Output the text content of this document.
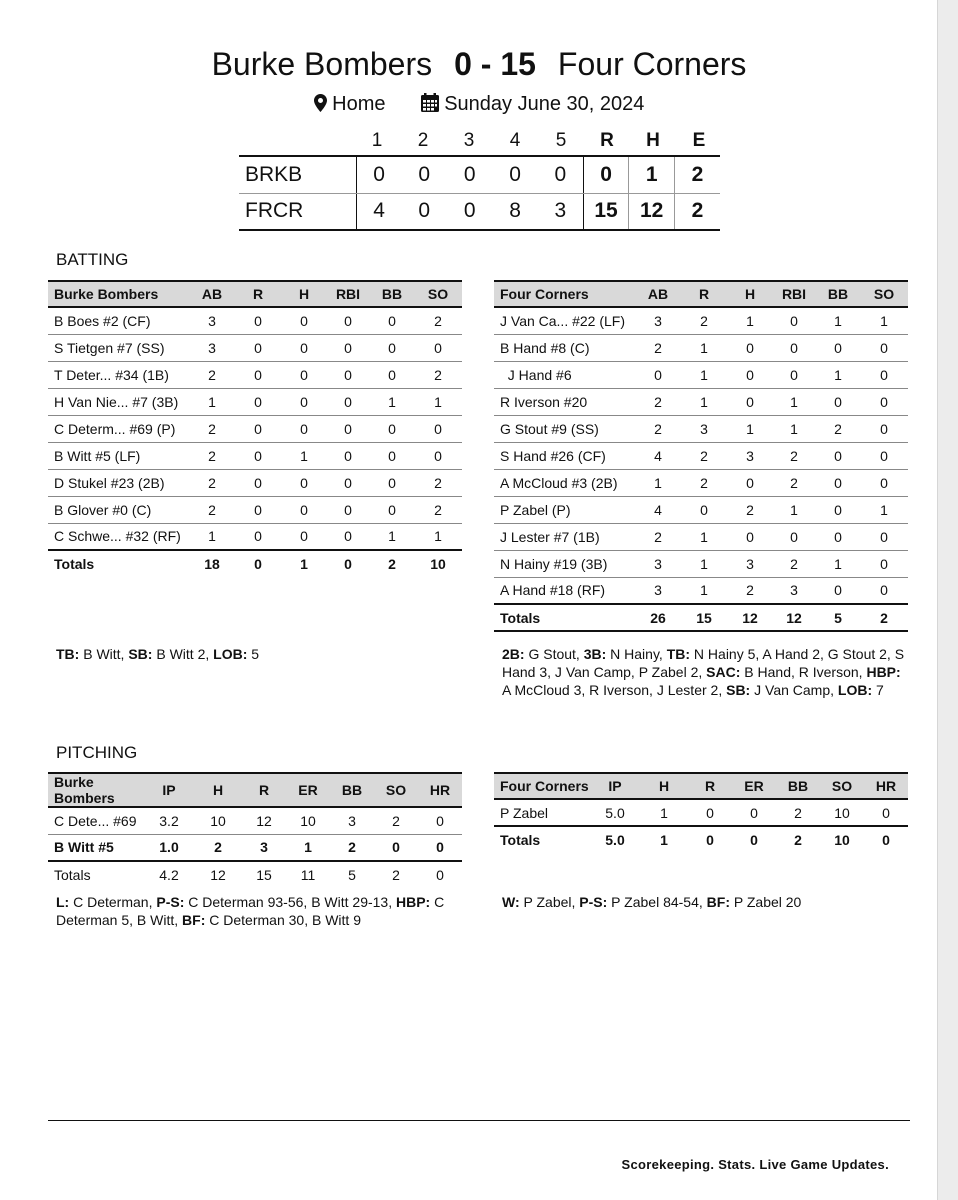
Burke Bombers 0 - 15 Four Corners
Home	Sunday June 30, 2024
1	2	3	4	5	R	H	E
BRKB	0	0	0	0	0	0	1	2
FRCR	4	0	0	8	3	15	12	2
BATTING
Burke Bombers	AB	R	H	RBI	BB	SO
B Boes #2 (CF)	3	0	0	0	0	2
S Tietgen #7 (SS)	3	0	0	0	0	0
T Deter... #34 (1B)	2	0	0	0	0	2
H Van Nie... #7 (3B)	1	0	0	0	1	1
C Determ... #69 (P)	2	0	0	0	0	0
B Witt #5 (LF)	2	0	1	0	0	0
D Stukel #23 (2B)	2	0	0	0	0	2
B Glover #0 (C)	2	0	0	0	0	2
C Schwe... #32 (RF)	1	0	0	0	1	1
Totals	18	0	1	0	2	10
Four Corners	AB	R	H	RBI	BB	SO
J Van Ca... #22 (LF)	3	2	1	0	1	1
B Hand #8 (C)	2	1	0	0	0	0
J Hand #6	0	1	0	0	1	0
R Iverson #20	2	1	0	1	0	0
G Stout #9 (SS)	2	3	1	1	2	0
S Hand #26 (CF)	4	2	3	2	0	0
A McCloud #3 (2B)	1	2	0	2	0	0
P Zabel (P)	4	0	2	1	0	1
J Lester #7 (1B)	2	1	0	0	0	0
N Hainy #19 (3B)	3	1	3	2	1	0
A Hand #18 (RF)	3	1	2	3	0	0
Totals	26	15	12	12	5	2
TB: B Witt, SB: B Witt 2, LOB: 5	2B: G Stout, 3B: N Hainy, TB: N Hainy 5, A Hand 2, G Stout 2, S Hand 3, J Van Camp, P Zabel 2, SAC: B Hand, R Iverson, HBP: A McCloud 3, R Iverson, J Lester 2, SB: J Van Camp, LOB: 7
PITCHING
Burke Bombers	IP	H	R	ER	BB	SO	HR
C Dete... #69	3.2	10	12	10	3	2	0
B Witt #5	1.0	2	3	1	2	0	0
Totals	4.2	12	15	11	5	2	0
Four Corners	IP	H	R	ER	BB	SO	HR
P Zabel	5.0	1	0	0	2	10	0
Totals	5.0	1	0	0	2	10	0
L: C Determan, P-S: C Determan 93-56, B Witt 29-13, HBP: C Determan 5, B Witt, BF: C Determan 30, B Witt 9
W: P Zabel, P-S: P Zabel 84-54, BF: P Zabel 20
Scorekeeping. Stats. Live Game Updates.
